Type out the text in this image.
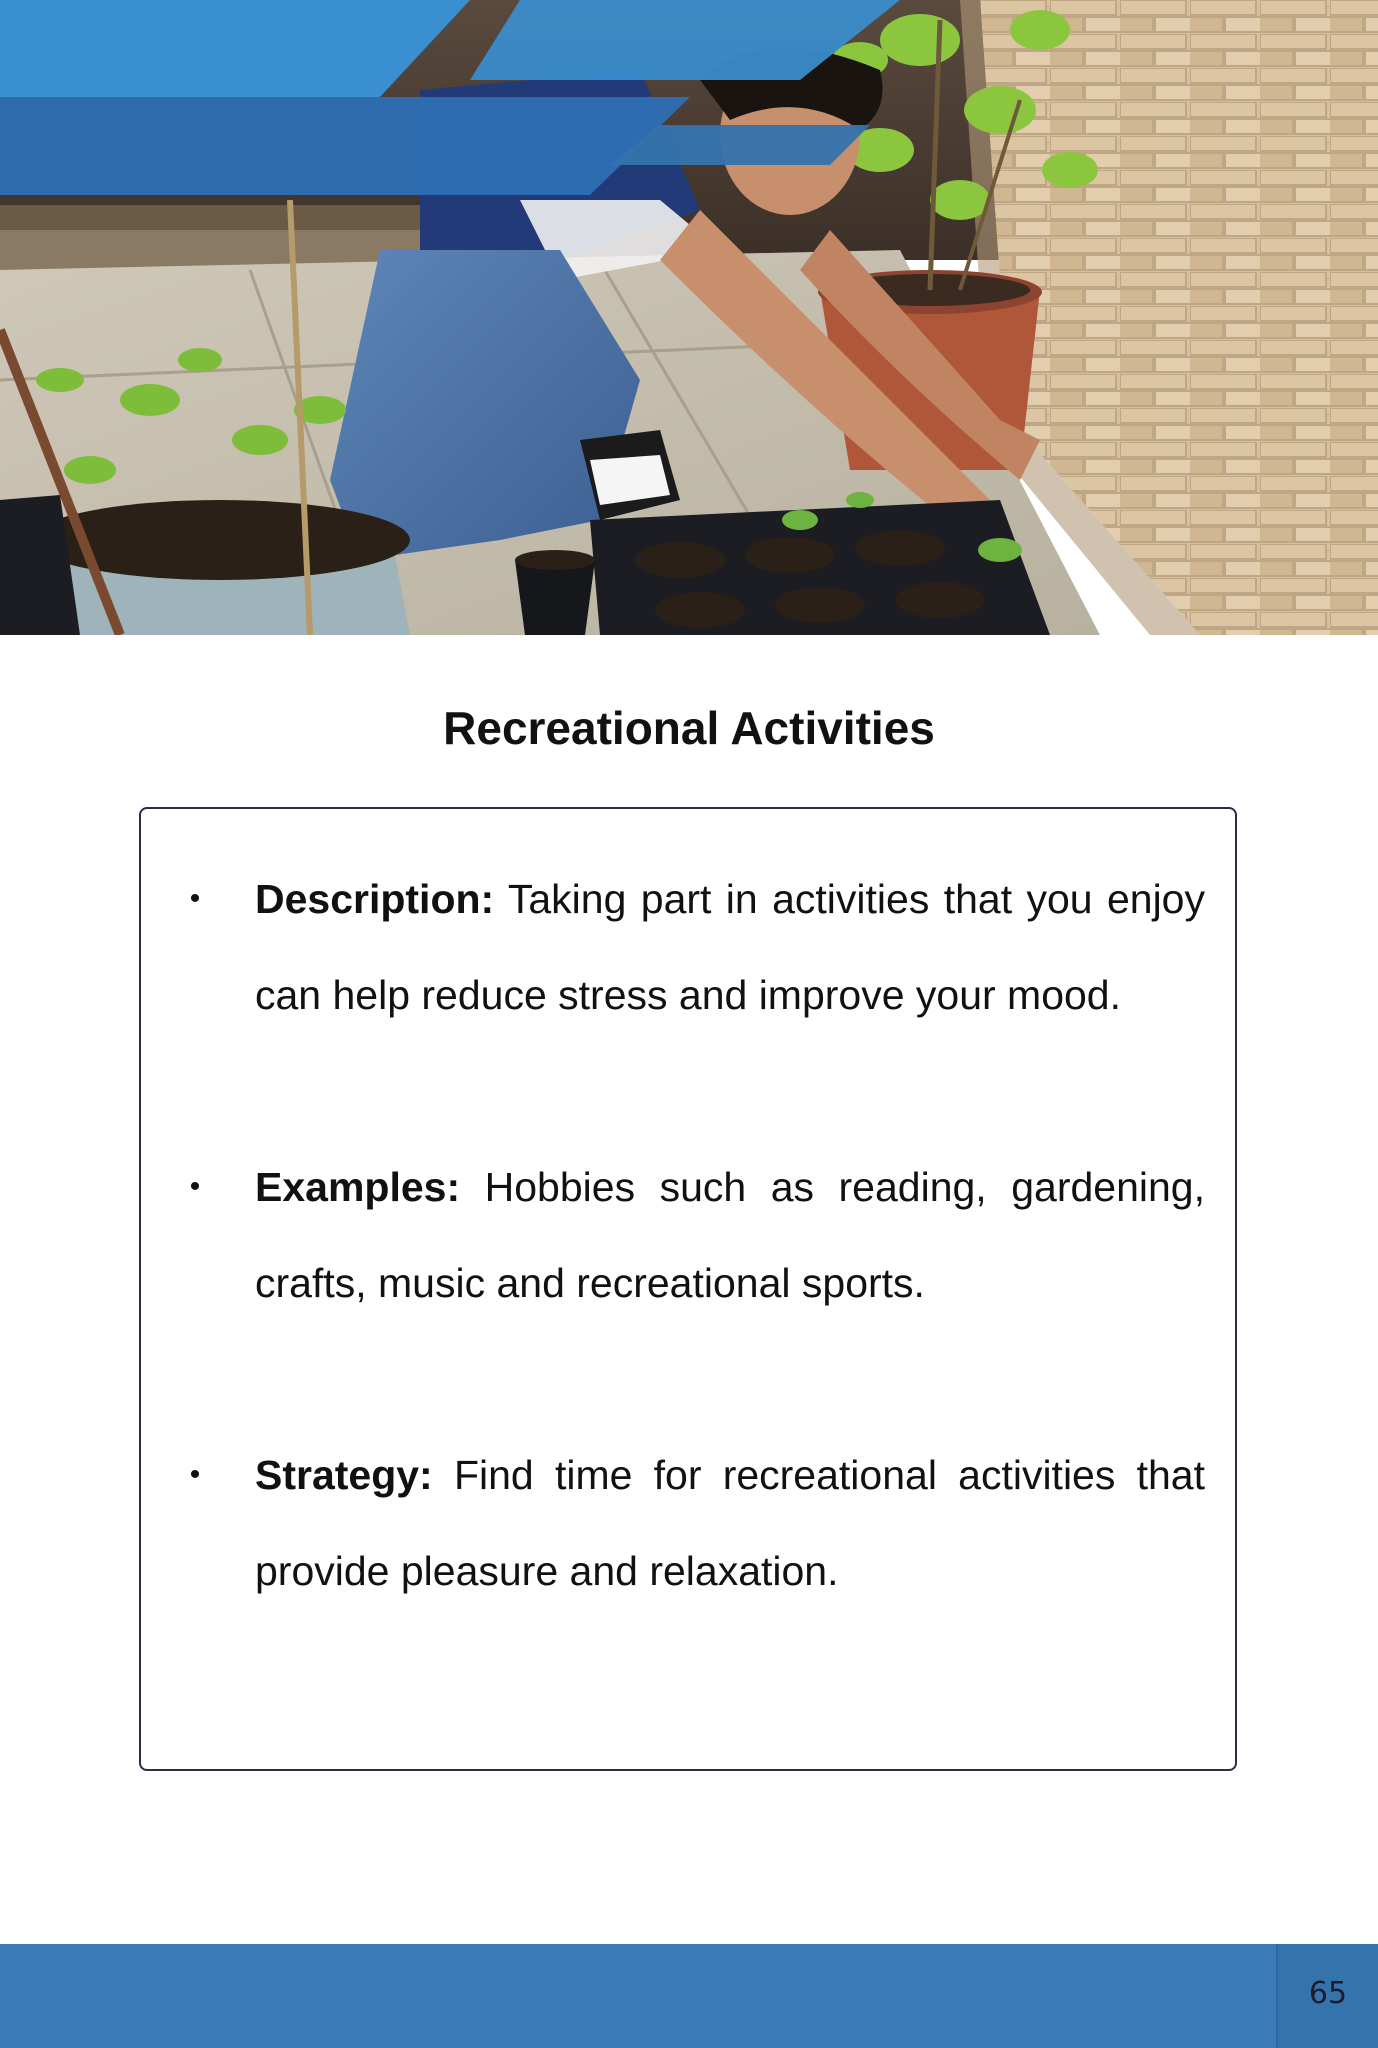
Recreational Activities
•	Description: Taking part in activities that you enjoy can help reduce stress and improve your mood.
•	Examples: Hobbies such as reading, gardening, crafts, music and recreational sports.
•	Strategy: Find time for recreational activities that provide pleasure and relaxation.
65
